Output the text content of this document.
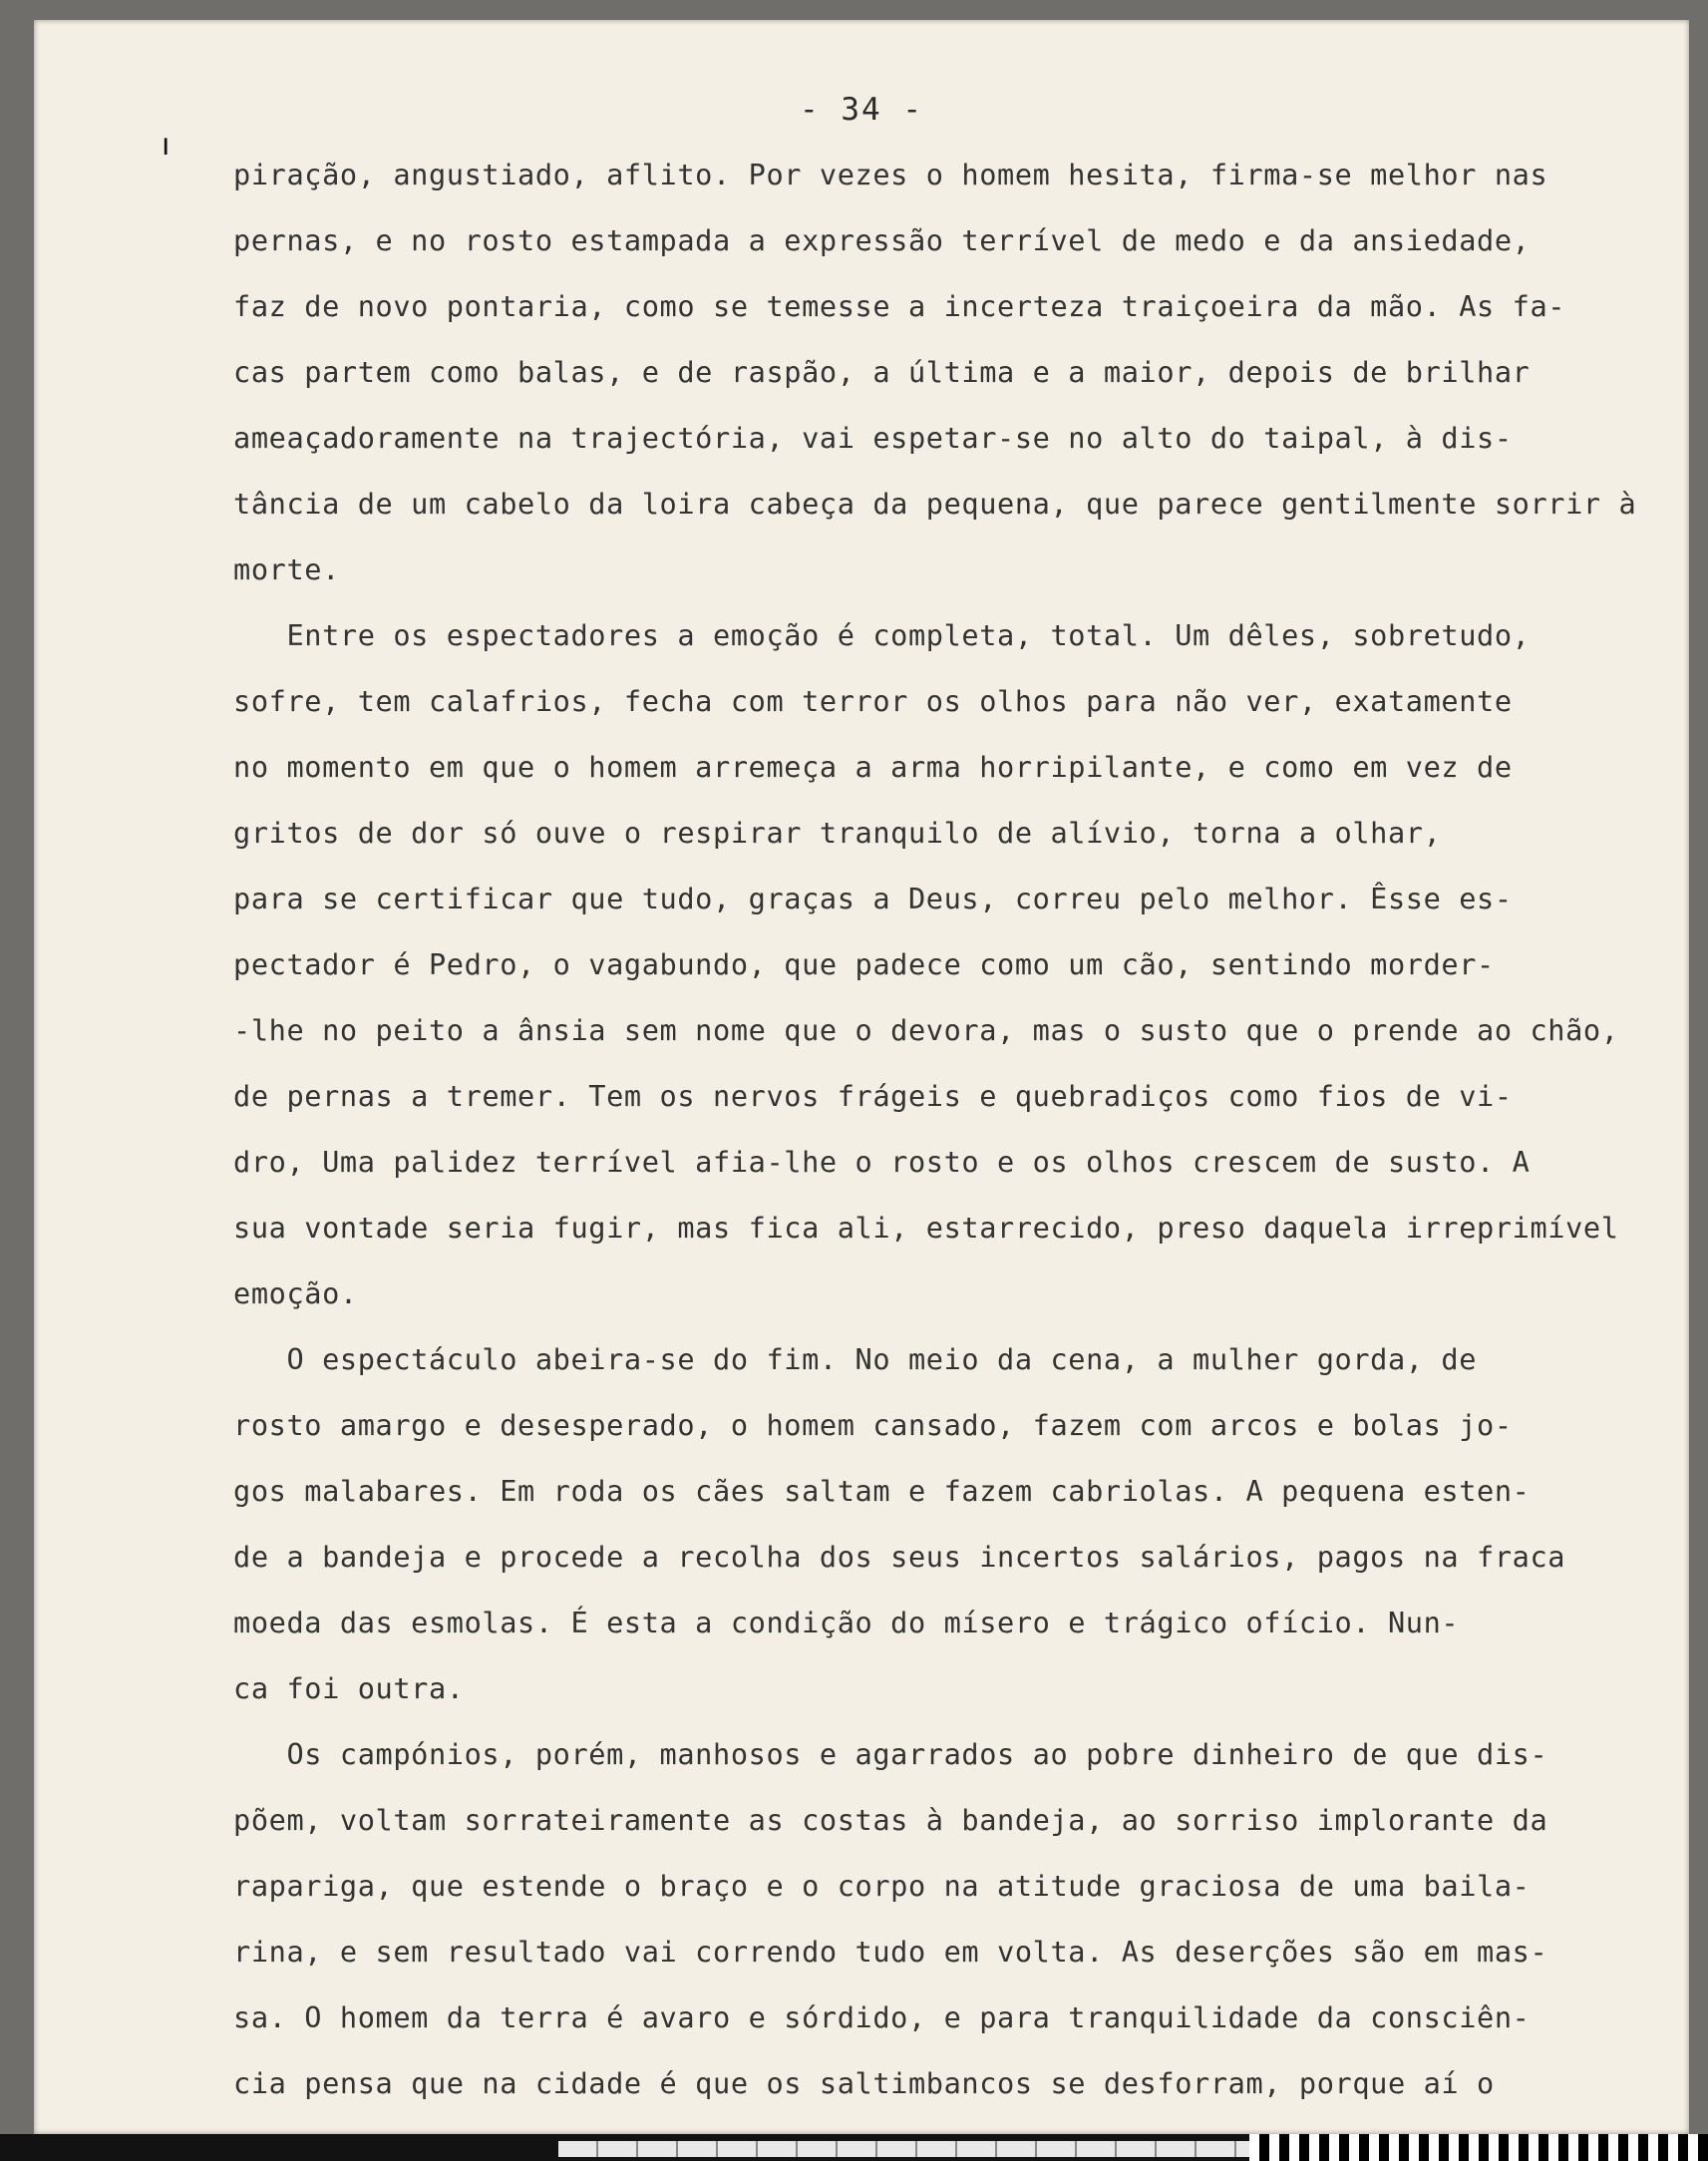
- 34 -
ı
piração, angustiado, aflito. Por vezes o homem hesita, firma-se melhor nas
pernas, e no rosto estampada a expressão terrível de medo e da ansiedade,
faz de novo pontaria, como se temesse a incerteza traiçoeira da mão. As fa-
cas partem como balas, e de raspão, a última e a maior, depois de brilhar
ameaçadoramente na trajectória, vai espetar-se no alto do taipal, à dis-
tância de um cabelo da loira cabeça da pequena, que parece gentilmente sorrir à
morte.
Entre os espectadores a emoção é completa, total. Um dêles, sobretudo,
sofre, tem calafrios, fecha com terror os olhos para não ver, exatamente
no momento em que o homem arremeça a arma horripilante, e como em vez de
gritos de dor só ouve o respirar tranquilo de alívio, torna a olhar,
para se certificar que tudo, graças a Deus, correu pelo melhor. Êsse es-
pectador é Pedro, o vagabundo, que padece como um cão, sentindo morder-
-lhe no peito a ânsia sem nome que o devora, mas o susto que o prende ao chão,
de pernas a tremer. Tem os nervos frágeis e quebradiços como fios de vi-
dro, Uma palidez terrível afia-lhe o rosto e os olhos crescem de susto. A
sua vontade seria fugir, mas fica ali, estarrecido, preso daquela irreprimível
emoção.
O espectáculo abeira-se do fim. No meio da cena, a mulher gorda, de
rosto amargo e desesperado, o homem cansado, fazem com arcos e bolas jo-
gos malabares. Em roda os cães saltam e fazem cabriolas. A pequena esten-
de a bandeja e procede a recolha dos seus incertos salários, pagos na fraca
moeda das esmolas. É esta a condição do mísero e trágico ofício. Nun-
ca foi outra.
Os campónios, porém, manhosos e agarrados ao pobre dinheiro de que dis-
põem, voltam sorrateiramente as costas à bandeja, ao sorriso implorante da
rapariga, que estende o braço e o corpo na atitude graciosa de uma baila-
rina, e sem resultado vai correndo tudo em volta. As deserções são em mas-
sa. O homem da terra é avaro e sórdido, e para tranquilidade da consciên-
cia pensa que na cidade é que os saltimbancos se desforram, porque aí o
